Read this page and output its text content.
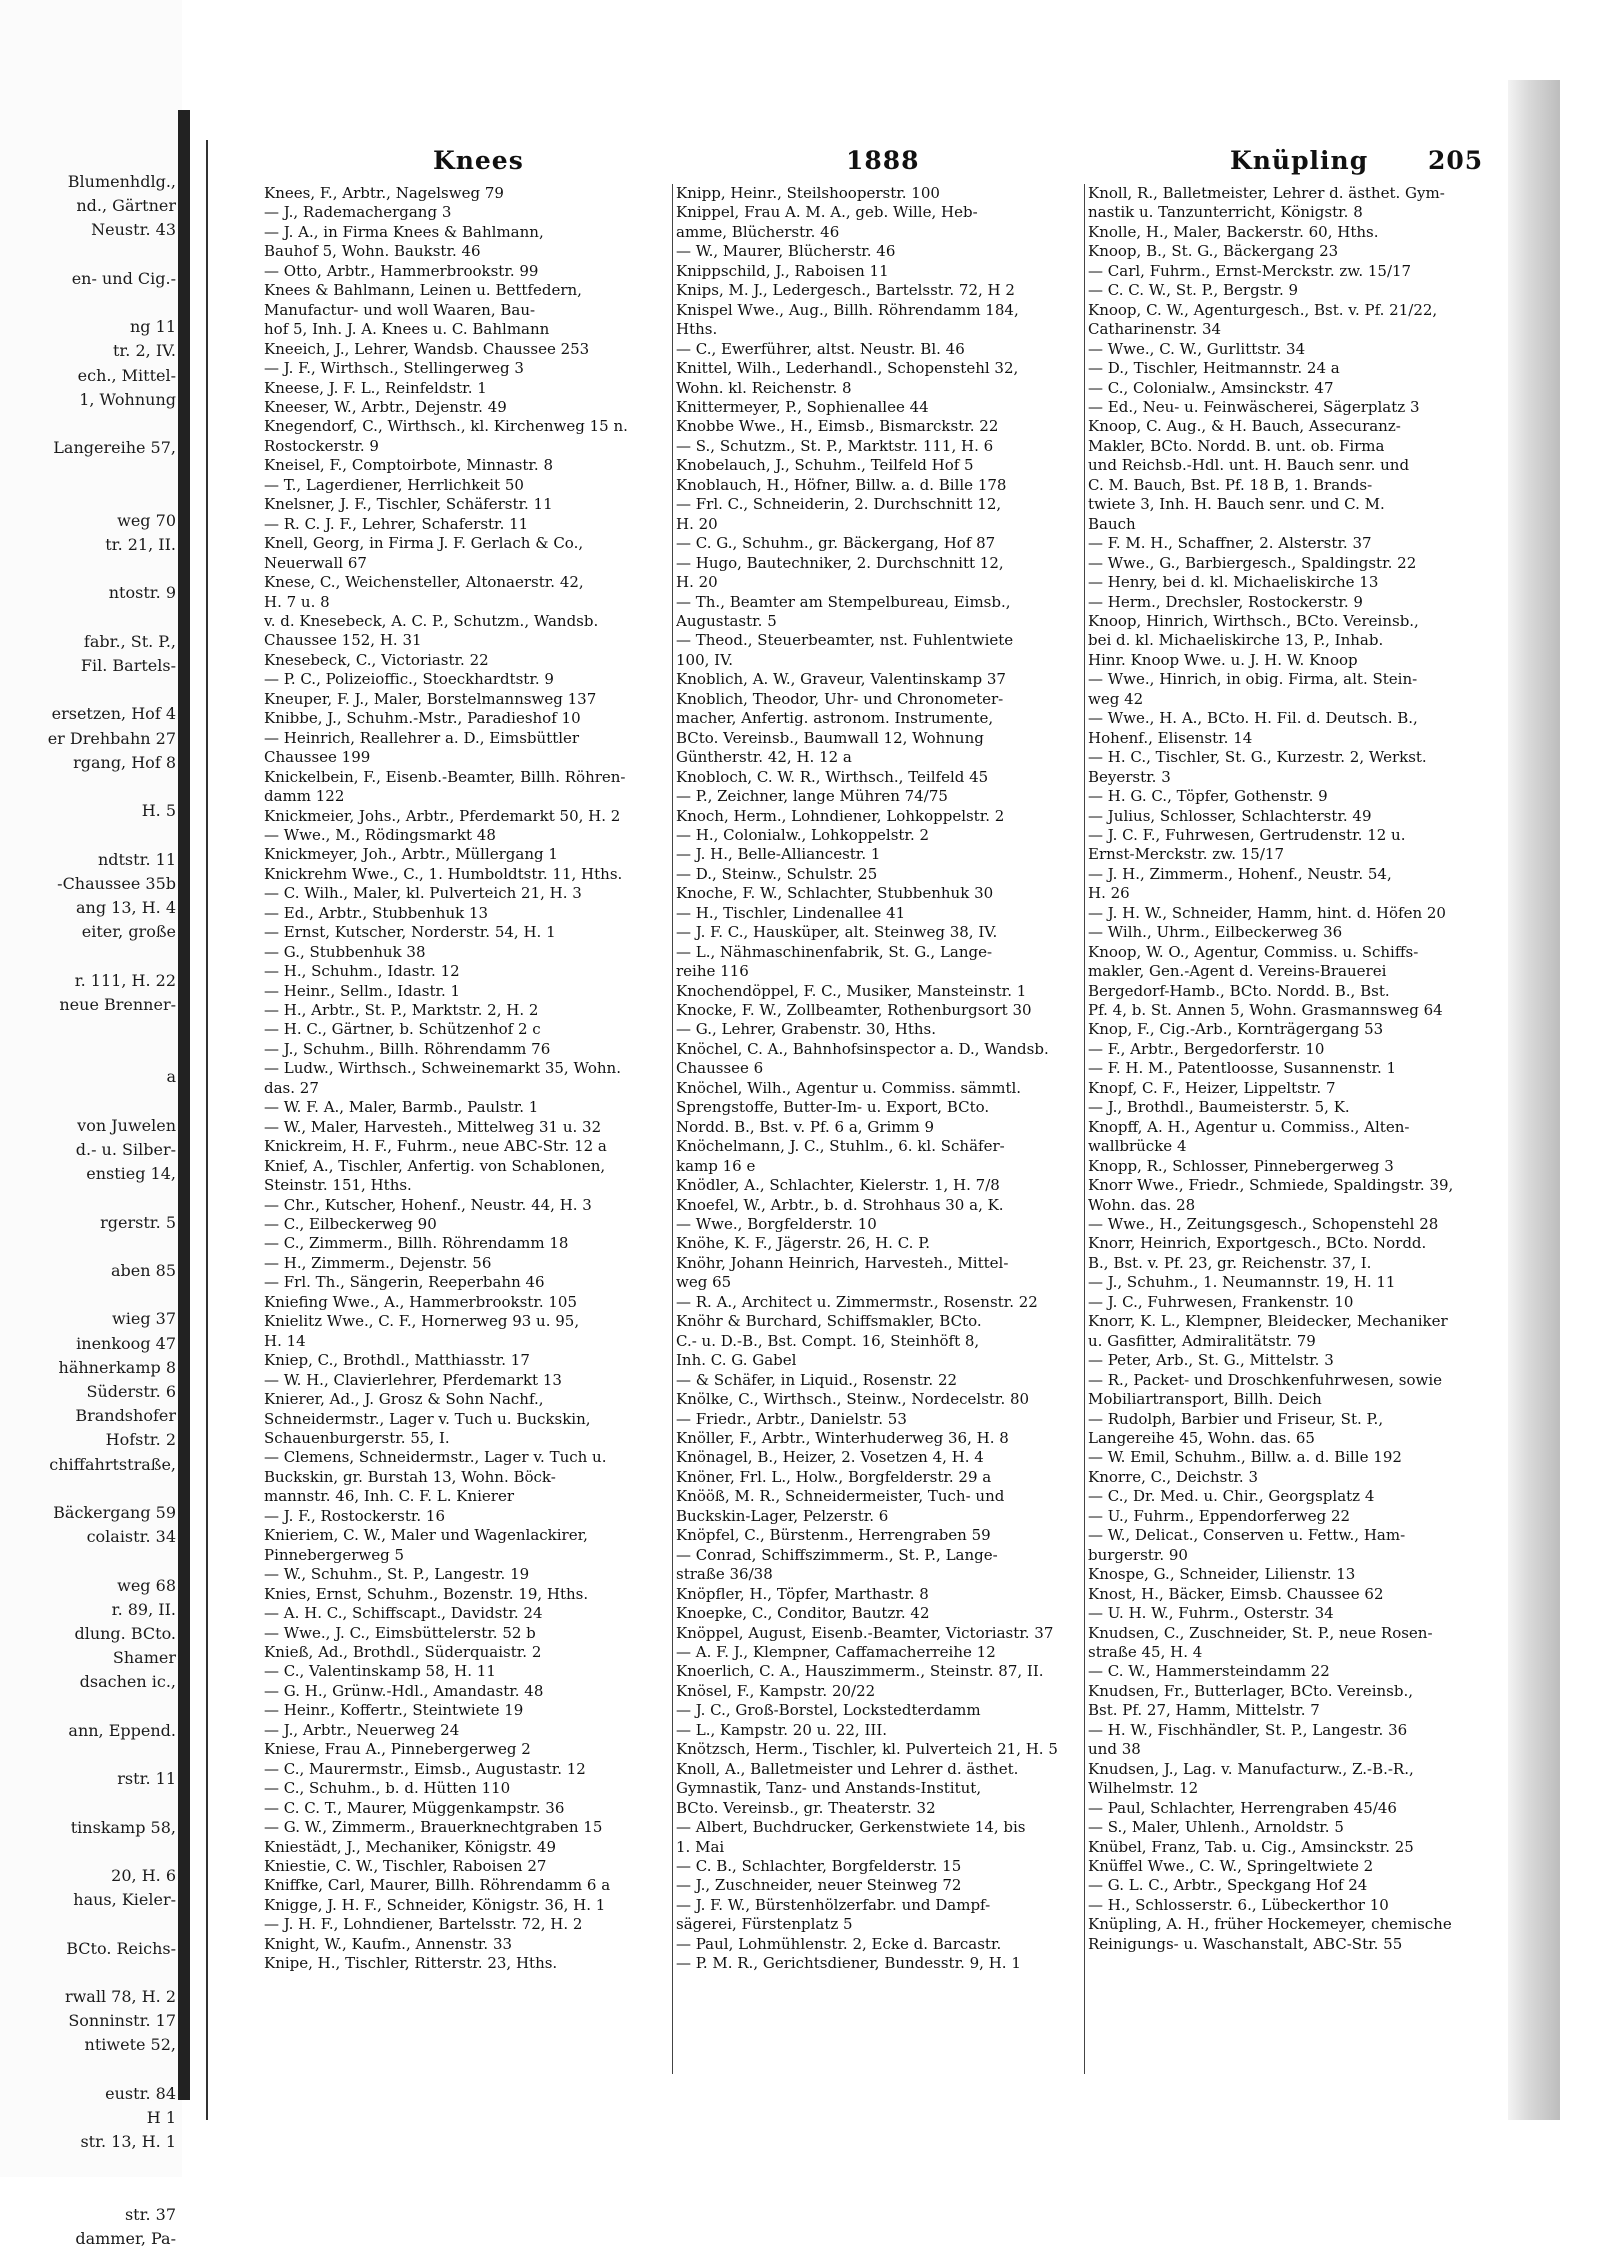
Blumenhdlg.,
nd., Gärtner
Neustr. 43
en- und Cig.-
ng 11
tr. 2, IV.
ech., Mittel-
1, Wohnung
Langereihe 57,
weg 70
tr. 21, II.
ntostr. 9
fabr., St. P.,
Fil. Bartels-
ersetzen, Hof 4
er Drehbahn 27
rgang, Hof 8
H. 5
ndtstr. 11
-Chaussee 35b
ang 13, H. 4
eiter, große
r. 111, H. 22
neue Brenner-
a
von Juwelen
d.- u. Silber-
enstieg 14,
rgerstr. 5
aben 85
wieg 37
inenkoog 47
hähnerkamp 8
Süderstr. 6
Brandshofer
Hofstr. 2
chiffahrtstraße,
Bäckergang 59
colaistr. 34
weg 68
r. 89, II.
dlung. BCto.
Shamer
dsachen ic.,
ann, Eppend.
rstr. 11
tinskamp 58,
20, H. 6
haus, Kieler-
BCto. Reichs-
rwall 78, H. 2
Sonninstr. 17
ntiwete 52,
eustr. 84
H 1
str. 13, H. 1
str. 37
dammer, Pa-
Knees	1888	Knüpling 205
Knees, F., Arbtr., Nagelsweg 79
— J., Rademachergang 3
— J. A., in Firma Knees & Bahlmann,
Bauhof 5, Wohn. Baukstr. 46
— Otto, Arbtr., Hammerbrookstr. 99
Knees & Bahlmann, Leinen u. Bettfedern,
Manufactur- und woll Waaren, Bau-
hof 5, Inh. J. A. Knees u. C. Bahlmann
Kneeich, J., Lehrer, Wandsb. Chaussee 253
— J. F., Wirthsch., Stellingerweg 3
Kneese, J. F. L., Reinfeldstr. 1
Kneeser, W., Arbtr., Dejenstr. 49
Knegendorf, C., Wirthsch., kl. Kirchenweg 15 n.
Rostockerstr. 9
Kneisel, F., Comptoirbote, Minnastr. 8
— T., Lagerdiener, Herrlichkeit 50
Knelsner, J. F., Tischler, Schäferstr. 11
— R. C. J. F., Lehrer, Schaferstr. 11
Knell, Georg, in Firma J. F. Gerlach & Co.,
Neuerwall 67
Knese, C., Weichensteller, Altonaerstr. 42,
H. 7 u. 8
v. d. Knesebeck, A. C. P., Schutzm., Wandsb.
Chaussee 152, H. 31
Knesebeck, C., Victoriastr. 22
— P. C., Polizeioffic., Stoeckhardtstr. 9
Kneuper, F. J., Maler, Borstelmannsweg 137
Knibbe, J., Schuhm.-Mstr., Paradieshof 10
— Heinrich, Reallehrer a. D., Eimsbüttler
Chaussee 199
Knickelbein, F., Eisenb.-Beamter, Billh. Röhren-
damm 122
Knickmeier, Johs., Arbtr., Pferdemarkt 50, H. 2
— Wwe., M., Rödingsmarkt 48
Knickmeyer, Joh., Arbtr., Müllergang 1
Knickrehm Wwe., C., 1. Humboldtstr. 11, Hths.
— C. Wilh., Maler, kl. Pulverteich 21, H. 3
— Ed., Arbtr., Stubbenhuk 13
— Ernst, Kutscher, Norderstr. 54, H. 1
— G., Stubbenhuk 38
— H., Schuhm., Idastr. 12
— Heinr., Sellm., Idastr. 1
— H., Arbtr., St. P., Marktstr. 2, H. 2
— H. C., Gärtner, b. Schützenhof 2 c
— J., Schuhm., Billh. Röhrendamm 76
— Ludw., Wirthsch., Schweinemarkt 35, Wohn.
das. 27
— W. F. A., Maler, Barmb., Paulstr. 1
— W., Maler, Harvesteh., Mittelweg 31 u. 32
Knickreim, H. F., Fuhrm., neue ABC-Str. 12 a
Knief, A., Tischler, Anfertig. von Schablonen,
Steinstr. 151, Hths.
— Chr., Kutscher, Hohenf., Neustr. 44, H. 3
— C., Eilbeckerweg 90
— C., Zimmerm., Billh. Röhrendamm 18
— H., Zimmerm., Dejenstr. 56
— Frl. Th., Sängerin, Reeperbahn 46
Kniefing Wwe., A., Hammerbrookstr. 105
Knielitz Wwe., C. F., Hornerweg 93 u. 95,
H. 14
Kniep, C., Brothdl., Matthiasstr. 17
— W. H., Clavierlehrer, Pferdemarkt 13
Knierer, Ad., J. Grosz & Sohn Nachf.,
Schneidermstr., Lager v. Tuch u. Buckskin,
Schauenburgerstr. 55, I.
— Clemens, Schneidermstr., Lager v. Tuch u.
Buckskin, gr. Burstah 13, Wohn. Böck-
mannstr. 46, Inh. C. F. L. Knierer
— J. F., Rostockerstr. 16
Knieriem, C. W., Maler und Wagenlackirer,
Pinnebergerweg 5
— W., Schuhm., St. P., Langestr. 19
Knies, Ernst, Schuhm., Bozenstr. 19, Hths.
— A. H. C., Schiffscapt., Davidstr. 24
— Wwe., J. C., Eimsbüttelerstr. 52 b
Knieß, Ad., Brothdl., Süderquaistr. 2
— C., Valentinskamp 58, H. 11
— G. H., Grünw.-Hdl., Amandastr. 48
— Heinr., Koffertr., Steintwiete 19
— J., Arbtr., Neuerweg 24
Kniese, Frau A., Pinnebergerweg 2
— C., Maurermstr., Eimsb., Augustastr. 12
— C., Schuhm., b. d. Hütten 110
— C. C. T., Maurer, Müggenkampstr. 36
— G. W., Zimmerm., Brauerknechtgraben 15
Kniestädt, J., Mechaniker, Königstr. 49
Kniestie, C. W., Tischler, Raboisen 27
Kniffke, Carl, Maurer, Billh. Röhrendamm 6 a
Knigge, J. H. F., Schneider, Königstr. 36, H. 1
— J. H. F., Lohndiener, Bartelsstr. 72, H. 2
Knight, W., Kaufm., Annenstr. 33
Knipe, H., Tischler, Ritterstr. 23, Hths.
Knipp, Heinr., Steilshooperstr. 100
Knippel, Frau A. M. A., geb. Wille, Heb-
amme, Blücherstr. 46
— W., Maurer, Blücherstr. 46
Knippschild, J., Raboisen 11
Knips, M. J., Ledergesch., Bartelsstr. 72, H 2
Knispel Wwe., Aug., Billh. Röhrendamm 184,
Hths.
— C., Ewerführer, altst. Neustr. Bl. 46
Knittel, Wilh., Lederhandl., Schopenstehl 32,
Wohn. kl. Reichenstr. 8
Knittermeyer, P., Sophienallee 44
Knobbe Wwe., H., Eimsb., Bismarckstr. 22
— S., Schutzm., St. P., Marktstr. 111, H. 6
Knobelauch, J., Schuhm., Teilfeld Hof 5
Knoblauch, H., Höfner, Billw. a. d. Bille 178
— Frl. C., Schneiderin, 2. Durchschnitt 12,
H. 20
— C. G., Schuhm., gr. Bäckergang, Hof 87
— Hugo, Bautechniker, 2. Durchschnitt 12,
H. 20
— Th., Beamter am Stempelbureau, Eimsb.,
Augustastr. 5
— Theod., Steuerbeamter, nst. Fuhlentwiete
100, IV.
Knoblich, A. W., Graveur, Valentinskamp 37
Knoblich, Theodor, Uhr- und Chronometer-
macher, Anfertig. astronom. Instrumente,
BCto. Vereinsb., Baumwall 12, Wohnung
Güntherstr. 42, H. 12 a
Knobloch, C. W. R., Wirthsch., Teilfeld 45
— P., Zeichner, lange Mühren 74/75
Knoch, Herm., Lohndiener, Lohkoppelstr. 2
— H., Colonialw., Lohkoppelstr. 2
— J. H., Belle-Alliancestr. 1
— D., Steinw., Schulstr. 25
Knoche, F. W., Schlachter, Stubbenhuk 30
— H., Tischler, Lindenallee 41
— J. F. C., Hausküper, alt. Steinweg 38, IV.
— L., Nähmaschinenfabrik, St. G., Lange-
reihe 116
Knochendöppel, F. C., Musiker, Mansteinstr. 1
Knocke, F. W., Zollbeamter, Rothenburgsort 30
— G., Lehrer, Grabenstr. 30, Hths.
Knöchel, C. A., Bahnhofsinspector a. D., Wandsb.
Chaussee 6
Knöchel, Wilh., Agentur u. Commiss. sämmtl.
Sprengstoffe, Butter-Im- u. Export, BCto.
Nordd. B., Bst. v. Pf. 6 a, Grimm 9
Knöchelmann, J. C., Stuhlm., 6. kl. Schäfer-
kamp 16 e
Knödler, A., Schlachter, Kielerstr. 1, H. 7/8
Knoefel, W., Arbtr., b. d. Strohhaus 30 a, K.
— Wwe., Borgfelderstr. 10
Knöhe, K. F., Jägerstr. 26, H. C. P.
Knöhr, Johann Heinrich, Harvesteh., Mittel-
weg 65
— R. A., Architect u. Zimmermstr., Rosenstr. 22
Knöhr & Burchard, Schiffsmakler, BCto.
C.- u. D.-B., Bst. Compt. 16, Steinhöft 8,
Inh. C. G. Gabel
— & Schäfer, in Liquid., Rosenstr. 22
Knölke, C., Wirthsch., Steinw., Nordecelstr. 80
— Friedr., Arbtr., Danielstr. 53
Knöller, F., Arbtr., Winterhuderweg 36, H. 8
Knönagel, B., Heizer, 2. Vosetzen 4, H. 4
Knöner, Frl. L., Holw., Borgfelderstr. 29 a
Knööß, M. R., Schneidermeister, Tuch- und
Buckskin-Lager, Pelzerstr. 6
Knöpfel, C., Bürstenm., Herrengraben 59
— Conrad, Schiffszimmerm., St. P., Lange-
straße 36/38
Knöpfler, H., Töpfer, Marthastr. 8
Knoepke, C., Conditor, Bautzr. 42
Knöppel, August, Eisenb.-Beamter, Victoriastr. 37
— A. F. J., Klempner, Caffamacherreihe 12
Knoerlich, C. A., Hauszimmerm., Steinstr. 87, II.
Knösel, F., Kampstr. 20/22
— J. C., Groß-Borstel, Lockstedterdamm
— L., Kampstr. 20 u. 22, III.
Knötzsch, Herm., Tischler, kl. Pulverteich 21, H. 5
Knoll, A., Balletmeister und Lehrer d. ästhet.
Gymnastik, Tanz- und Anstands-Institut,
BCto. Vereinsb., gr. Theaterstr. 32
— Albert, Buchdrucker, Gerkenstwiete 14, bis
1. Mai
— C. B., Schlachter, Borgfelderstr. 15
— J., Zuschneider, neuer Steinweg 72
— J. F. W., Bürstenhölzerfabr. und Dampf-
sägerei, Fürstenplatz 5
— Paul, Lohmühlenstr. 2, Ecke d. Barcastr.
— P. M. R., Gerichtsdiener, Bundesstr. 9, H. 1
Knoll, R., Balletmeister, Lehrer d. ästhet. Gym-
nastik u. Tanzunterricht, Königstr. 8
Knolle, H., Maler, Backerstr. 60, Hths.
Knoop, B., St. G., Bäckergang 23
— Carl, Fuhrm., Ernst-Merckstr. zw. 15/17
— C. C. W., St. P., Bergstr. 9
Knoop, C. W., Agenturgesch., Bst. v. Pf. 21/22,
Catharinenstr. 34
— Wwe., C. W., Gurlittstr. 34
— D., Tischler, Heitmannstr. 24 a
— C., Colonialw., Amsinckstr. 47
— Ed., Neu- u. Feinwäscherei, Sägerplatz 3
Knoop, C. Aug., & H. Bauch, Assecuranz-
Makler, BCto. Nordd. B. unt. ob. Firma
und Reichsb.-Hdl. unt. H. Bauch senr. und
C. M. Bauch, Bst. Pf. 18 B, 1. Brands-
twiete 3, Inh. H. Bauch senr. und C. M.
Bauch
— F. M. H., Schaffner, 2. Alsterstr. 37
— Wwe., G., Barbiergesch., Spaldingstr. 22
— Henry, bei d. kl. Michaeliskirche 13
— Herm., Drechsler, Rostockerstr. 9
Knoop, Hinrich, Wirthsch., BCto. Vereinsb.,
bei d. kl. Michaeliskirche 13, P., Inhab.
Hinr. Knoop Wwe. u. J. H. W. Knoop
— Wwe., Hinrich, in obig. Firma, alt. Stein-
weg 42
— Wwe., H. A., BCto. H. Fil. d. Deutsch. B.,
Hohenf., Elisenstr. 14
— H. C., Tischler, St. G., Kurzestr. 2, Werkst.
Beyerstr. 3
— H. G. C., Töpfer, Gothenstr. 9
— Julius, Schlosser, Schlachterstr. 49
— J. C. F., Fuhrwesen, Gertrudenstr. 12 u.
Ernst-Merckstr. zw. 15/17
— J. H., Zimmerm., Hohenf., Neustr. 54,
H. 26
— J. H. W., Schneider, Hamm, hint. d. Höfen 20
— Wilh., Uhrm., Eilbeckerweg 36
Knoop, W. O., Agentur, Commiss. u. Schiffs-
makler, Gen.-Agent d. Vereins-Brauerei
Bergedorf-Hamb., BCto. Nordd. B., Bst.
Pf. 4, b. St. Annen 5, Wohn. Grasmannsweg 64
Knop, F., Cig.-Arb., Kornträgergang 53
— F., Arbtr., Bergedorferstr. 10
— F. H. M., Patentloosse, Susannenstr. 1
Knopf, C. F., Heizer, Lippeltstr. 7
— J., Brothdl., Baumeisterstr. 5, K.
Knopff, A. H., Agentur u. Commiss., Alten-
wallbrücke 4
Knopp, R., Schlosser, Pinnebergerweg 3
Knorr Wwe., Friedr., Schmiede, Spaldingstr. 39,
Wohn. das. 28
— Wwe., H., Zeitungsgesch., Schopenstehl 28
Knorr, Heinrich, Exportgesch., BCto. Nordd.
B., Bst. v. Pf. 23, gr. Reichenstr. 37, I.
— J., Schuhm., 1. Neumannstr. 19, H. 11
— J. C., Fuhrwesen, Frankenstr. 10
Knorr, K. L., Klempner, Bleidecker, Mechaniker
u. Gasfitter, Admiralitätstr. 79
— Peter, Arb., St. G., Mittelstr. 3
— R., Packet- und Droschkenfuhrwesen, sowie
Mobiliartransport, Billh. Deich
— Rudolph, Barbier und Friseur, St. P.,
Langereihe 45, Wohn. das. 65
— W. Emil, Schuhm., Billw. a. d. Bille 192
Knorre, C., Deichstr. 3
— C., Dr. Med. u. Chir., Georgsplatz 4
— U., Fuhrm., Eppendorferweg 22
— W., Delicat., Conserven u. Fettw., Ham-
burgerstr. 90
Knospe, G., Schneider, Lilienstr. 13
Knost, H., Bäcker, Eimsb. Chaussee 62
— U. H. W., Fuhrm., Osterstr. 34
Knudsen, C., Zuschneider, St. P., neue Rosen-
straße 45, H. 4
— C. W., Hammersteindamm 22
Knudsen, Fr., Butterlager, BCto. Vereinsb.,
Bst. Pf. 27, Hamm, Mittelstr. 7
— H. W., Fischhändler, St. P., Langestr. 36
und 38
Knudsen, J., Lag. v. Manufacturw., Z.-B.-R.,
Wilhelmstr. 12
— Paul, Schlachter, Herrengraben 45/46
— S., Maler, Uhlenh., Arnoldstr. 5
Knübel, Franz, Tab. u. Cig., Amsinckstr. 25
Knüffel Wwe., C. W., Springeltwiete 2
— G. L. C., Arbtr., Speckgang Hof 24
— H., Schlosserstr. 6., Lübeckerthor 10
Knüpling, A. H., früher Hockemeyer, chemische
Reinigungs- u. Waschanstalt, ABC-Str. 55
